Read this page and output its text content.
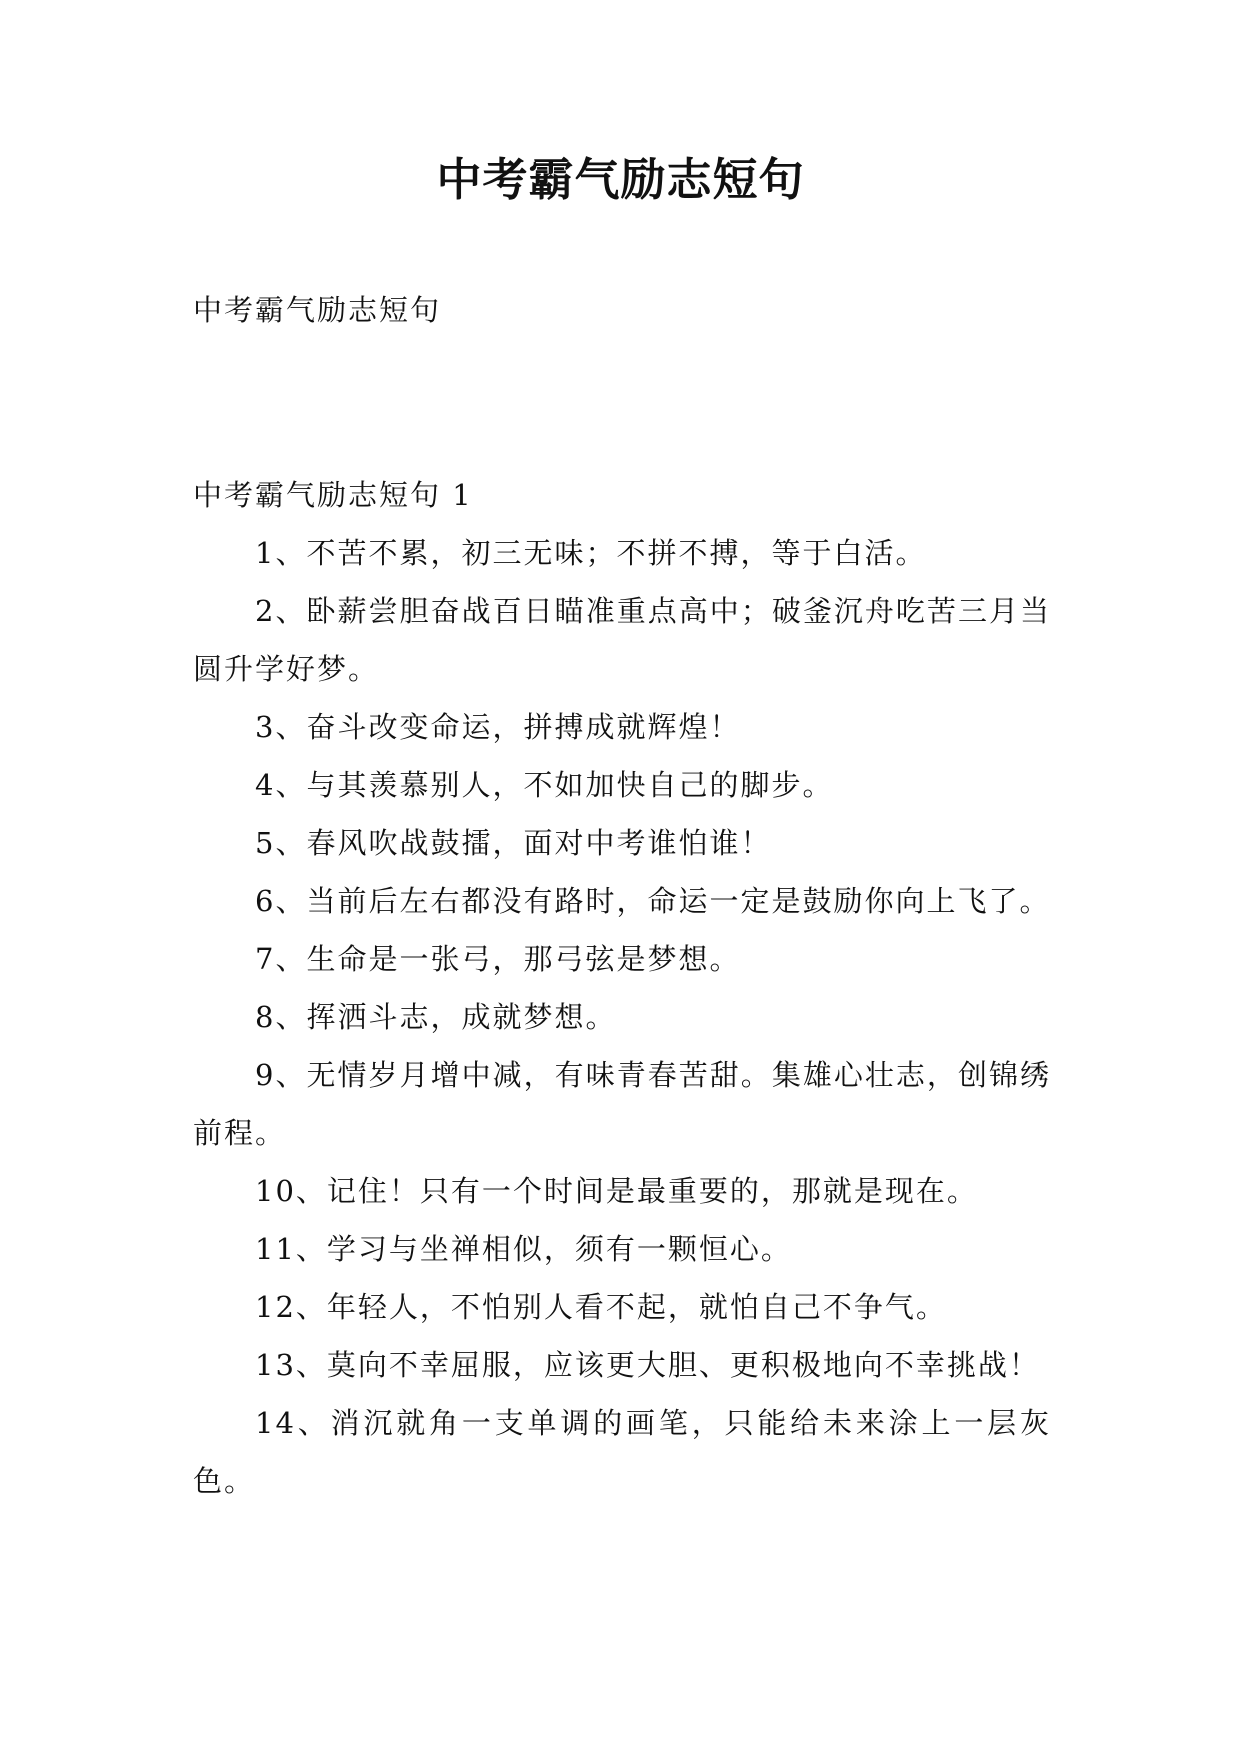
中考霸气励志短句

中考霸气励志短句

中考霸气励志短句 1

1、不苦不累，初三无味；不拼不搏，等于白活。
2、卧薪尝胆奋战百日瞄准重点高中；破釜沉舟吃苦三月当圆升学好梦。
3、奋斗改变命运，拼搏成就辉煌！
4、与其羡慕别人，不如加快自己的脚步。
5、春风吹战鼓擂，面对中考谁怕谁！
6、当前后左右都没有路时，命运一定是鼓励你向上飞了。
7、生命是一张弓，那弓弦是梦想。
8、挥洒斗志，成就梦想。
9、无情岁月增中减，有味青春苦甜。集雄心壮志，创锦绣前程。
10、记住！只有一个时间是最重要的，那就是现在。
11、学习与坐禅相似，须有一颗恒心。
12、年轻人，不怕别人看不起，就怕自己不争气。
13、莫向不幸屈服，应该更大胆、更积极地向不幸挑战！
14、消沉就角一支单调的画笔，只能给未来涂上一层灰色。
